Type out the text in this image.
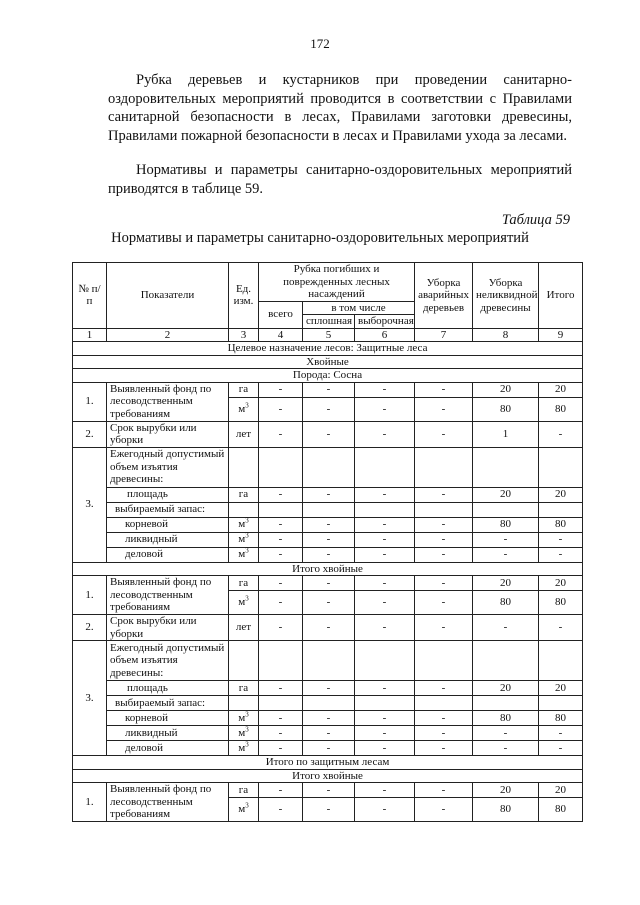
172
Рубка деревьев и кустарников при проведении санитарно-оздоровительных мероприятий проводится в соответствии с Правилами санитарной безопасности в лесах, Правилами заготовки древесины, Правилами пожарной безопасности в лесах и Правилами ухода за лесами.
Нормативы и параметры санитарно-оздоровительных мероприятий приводятся в таблице 59.
Таблица 59
Нормативы и параметры санитарно-оздоровительных мероприятий
№ п/п	Показатели	Ед. изм.	Рубка погибших и поврежденных лесных насаждений			Уборка аварийных деревьев	Уборка неликвидной древесины	Итого
			всего	в том числе				
				сплошная	выборочная			
1	2	3	4	5	6	7	8	9
Целевое назначение лесов: Защитные леса								
Хвойные								
Порода: Сосна								
1.	Выявленный фонд по лесоводственным требованиям	га	-	-	-	-	20	20
		$м^3$	-	-	-	-	80	80
2.	Срок вырубки или уборки	лет	-	-	-	-	1	-
3.	Ежегодный допустимый объем изъятия древесины:							
	площадь	га	-	-	-	-	20	20
	выбираемый запас:							
	корневой	$м^3$	-	-	-	-	80	80
	ликвидный	$м^3$	-	-	-	-	-	-
	деловой	$м^3$	-	-	-	-	-	-
Итого хвойные								
1.	Выявленный фонд по лесоводственным требованиям	га	-	-	-	-	20	20
		$м^3$	-	-	-	-	80	80
2.	Срок вырубки или уборки	лет	-	-	-	-	-	-
3.	Ежегодный допустимый объем изъятия древесины:							
	площадь	га	-	-	-	-	20	20
	выбираемый запас:							
	корневой	$м^3$	-	-	-	-	80	80
	ликвидный	$м^3$	-	-	-	-	-	-
	деловой	$м^3$	-	-	-	-	-	-
Итого по защитным лесам								
Итого хвойные								
1.	Выявленный фонд по лесоводственным требованиям	га	-	-	-	-	20	20
		$м^3$	-	-	-	-	80	80
